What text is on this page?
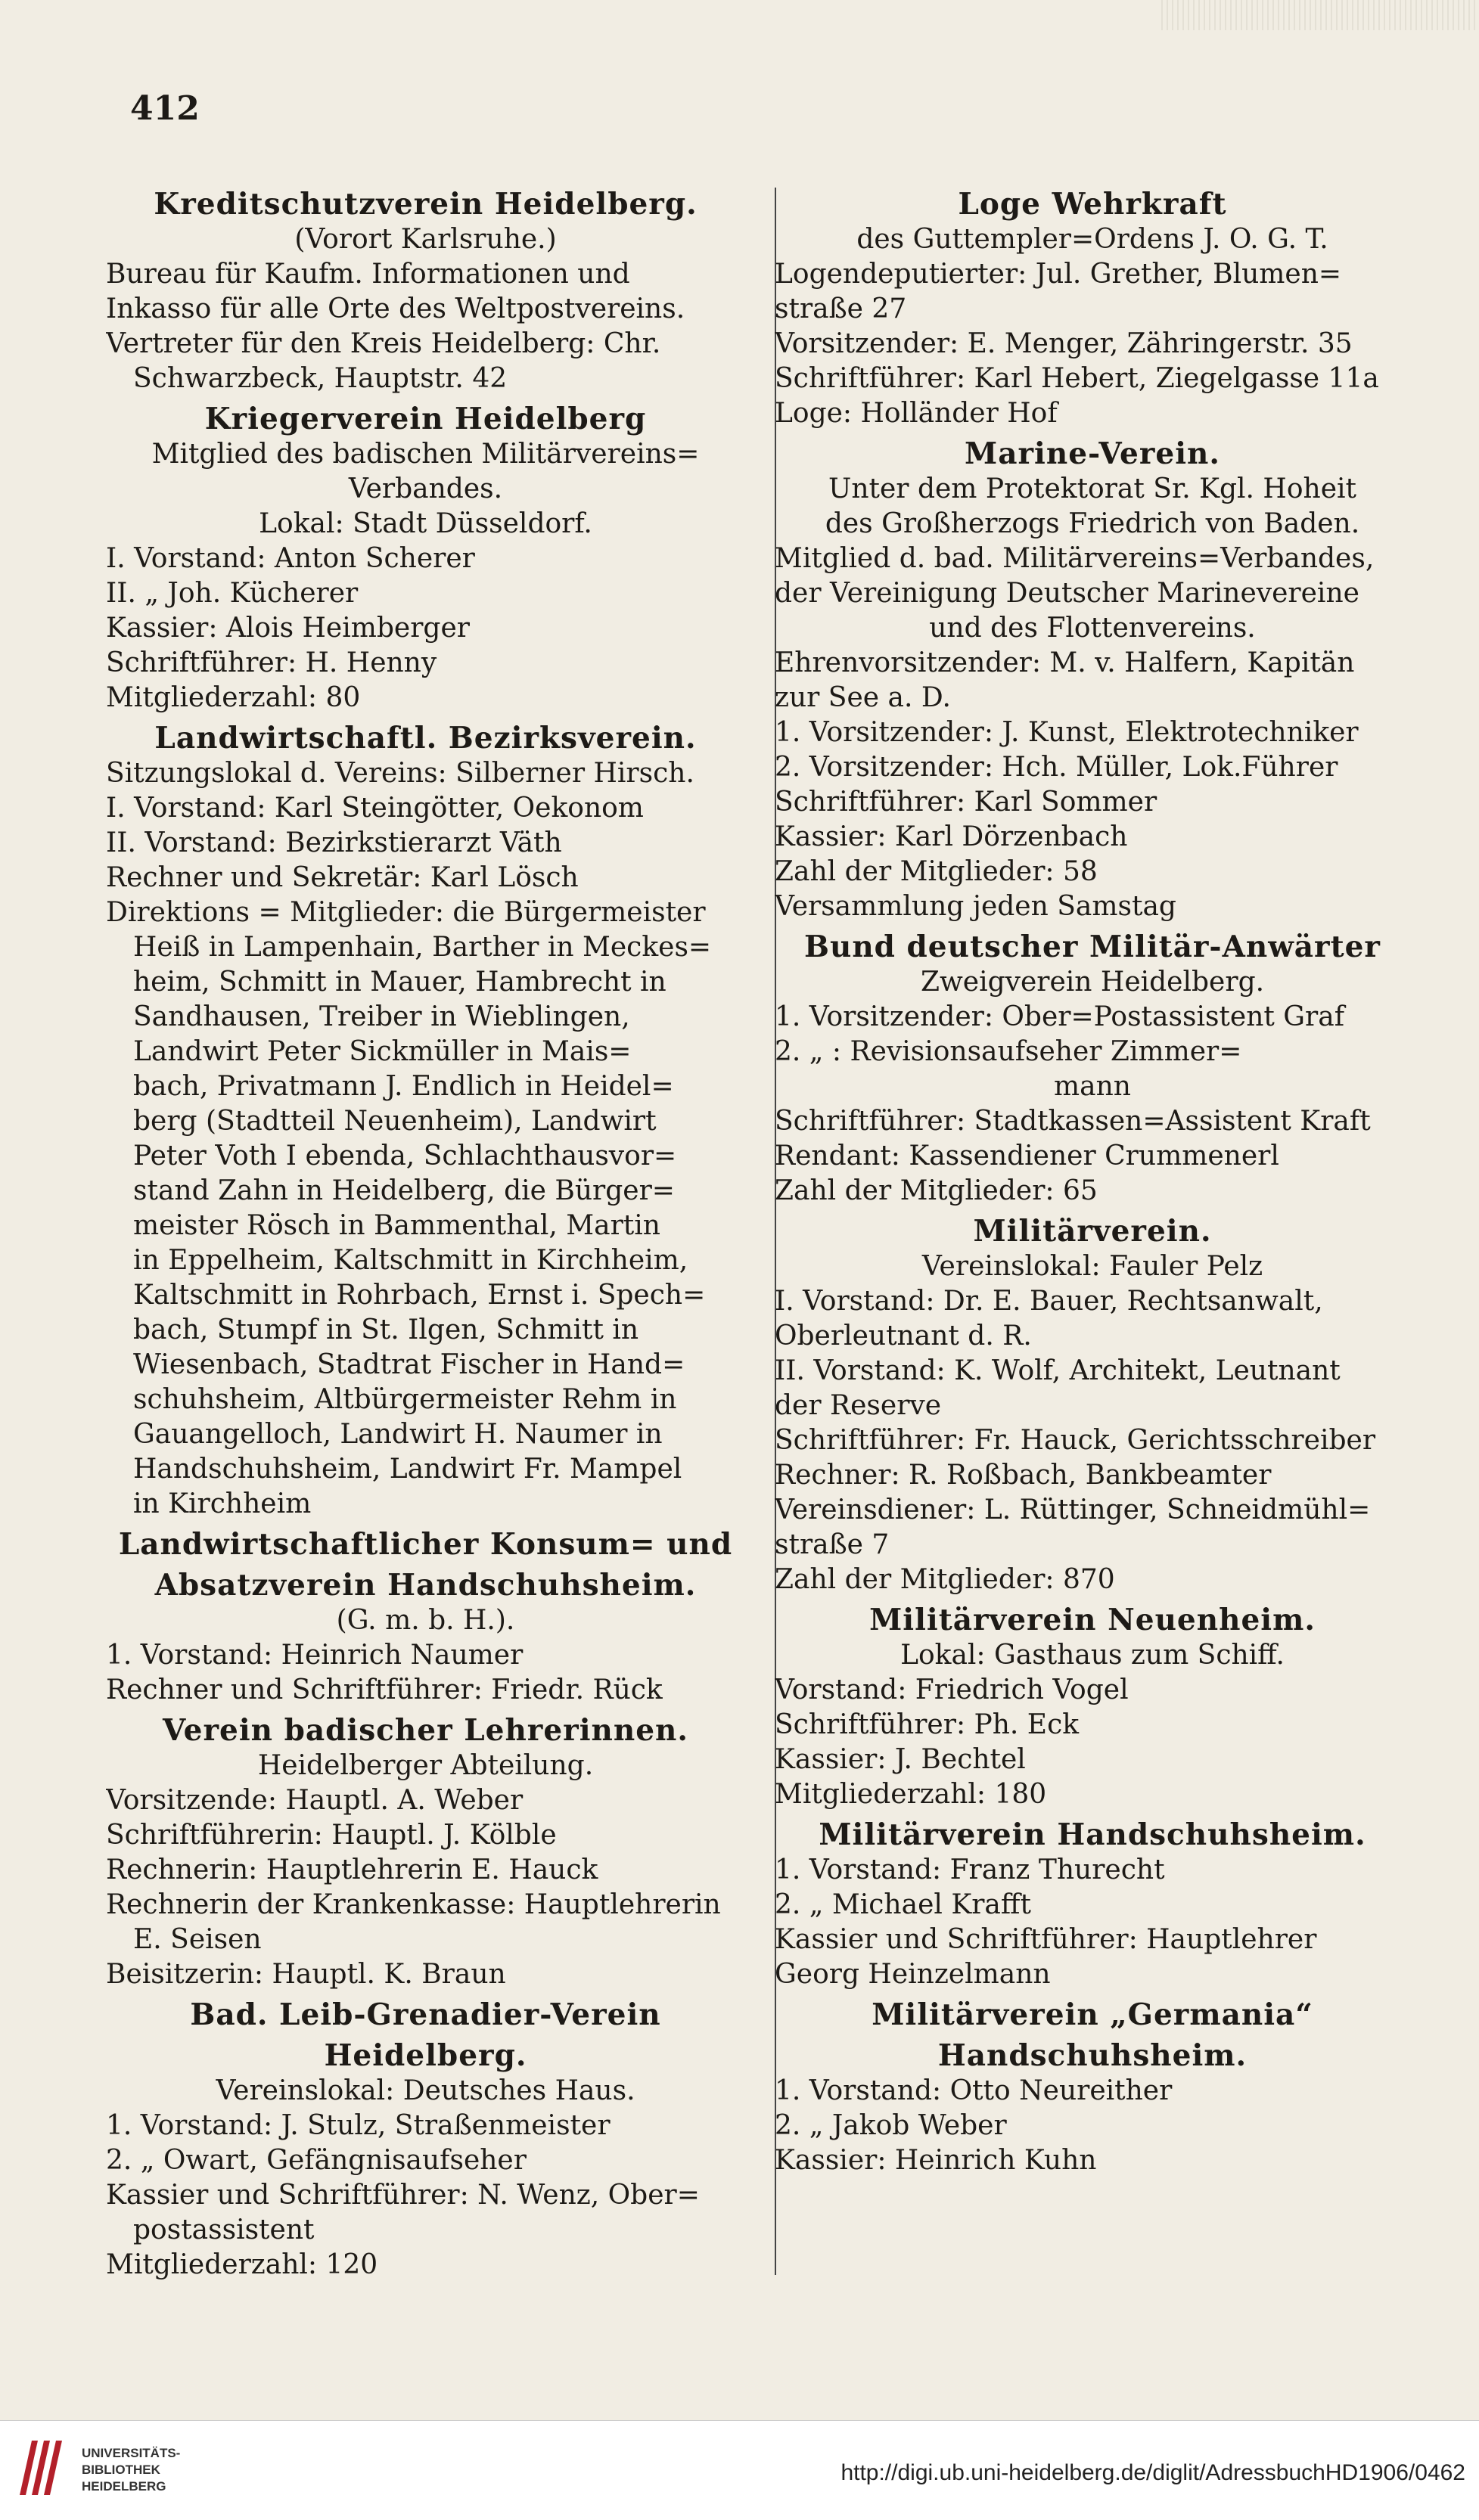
412
Kreditschutzverein Heidelberg.
(Vorort Karlsruhe.)
Bureau für Kaufm. Informationen und
Inkasso für alle Orte des Weltpostvereins.
Vertreter für den Kreis Heidelberg: Chr.
Schwarzbeck, Hauptstr. 42
Kriegerverein Heidelberg
Mitglied des badischen Militärvereins=
Verbandes.
Lokal: Stadt Düsseldorf.
I. Vorstand: Anton Scherer
II. „ Joh. Kücherer
Kassier: Alois Heimberger
Schriftführer: H. Henny
Mitgliederzahl: 80
Landwirtschaftl. Bezirksverein.
Sitzungslokal d. Vereins: Silberner Hirsch.
I. Vorstand: Karl Steingötter, Oekonom
II. Vorstand: Bezirkstierarzt Väth
Rechner und Sekretär: Karl Lösch
Direktions = Mitglieder: die Bürgermeister
Heiß in Lampenhain, Barther in Meckes=
heim, Schmitt in Mauer, Hambrecht in
Sandhausen, Treiber in Wieblingen,
Landwirt Peter Sickmüller in Mais=
bach, Privatmann J. Endlich in Heidel=
berg (Stadtteil Neuenheim), Landwirt
Peter Voth I ebenda, Schlachthausvor=
stand Zahn in Heidelberg, die Bürger=
meister Rösch in Bammenthal, Martin
in Eppelheim, Kaltschmitt in Kirchheim,
Kaltschmitt in Rohrbach, Ernst i. Spech=
bach, Stumpf in St. Ilgen, Schmitt in
Wiesenbach, Stadtrat Fischer in Hand=
schuhsheim, Altbürgermeister Rehm in
Gauangelloch, Landwirt H. Naumer in
Handschuhsheim, Landwirt Fr. Mampel
in Kirchheim
Landwirtschaftlicher Konsum= und
Absatzverein Handschuhsheim.
(G. m. b. H.).
1. Vorstand: Heinrich Naumer
Rechner und Schriftführer: Friedr. Rück
Verein badischer Lehrerinnen.
Heidelberger Abteilung.
Vorsitzende: Hauptl. A. Weber
Schriftführerin: Hauptl. J. Kölble
Rechnerin: Hauptlehrerin E. Hauck
Rechnerin der Krankenkasse: Hauptlehrerin
E. Seisen
Beisitzerin: Hauptl. K. Braun
Bad. Leib-Grenadier-Verein
Heidelberg.
Vereinslokal: Deutsches Haus.
1. Vorstand: J. Stulz, Straßenmeister
2. „ Owart, Gefängnisaufseher
Kassier und Schriftführer: N. Wenz, Ober=
postassistent
Mitgliederzahl: 120
Loge Wehrkraft
des Guttempler=Ordens J. O. G. T.
Logendeputierter: Jul. Grether, Blumen=
straße 27
Vorsitzender: E. Menger, Zähringerstr. 35
Schriftführer: Karl Hebert, Ziegelgasse 11a
Loge: Holländer Hof
Marine-Verein.
Unter dem Protektorat Sr. Kgl. Hoheit
des Großherzogs Friedrich von Baden.
Mitglied d. bad. Militärvereins=Verbandes,
der Vereinigung Deutscher Marinevereine
und des Flottenvereins.
Ehrenvorsitzender: M. v. Halfern, Kapitän
zur See a. D.
1. Vorsitzender: J. Kunst, Elektrotechniker
2. Vorsitzender: Hch. Müller, Lok.Führer
Schriftführer: Karl Sommer
Kassier: Karl Dörzenbach
Zahl der Mitglieder: 58
Versammlung jeden Samstag
Bund deutscher Militär-Anwärter
Zweigverein Heidelberg.
1. Vorsitzender: Ober=Postassistent Graf
2. „ : Revisionsaufseher Zimmer=
mann
Schriftführer: Stadtkassen=Assistent Kraft
Rendant: Kassendiener Crummenerl
Zahl der Mitglieder: 65
Militärverein.
Vereinslokal: Fauler Pelz
I. Vorstand: Dr. E. Bauer, Rechtsanwalt,
Oberleutnant d. R.
II. Vorstand: K. Wolf, Architekt, Leutnant
der Reserve
Schriftführer: Fr. Hauck, Gerichtsschreiber
Rechner: R. Roßbach, Bankbeamter
Vereinsdiener: L. Rüttinger, Schneidmühl=
straße 7
Zahl der Mitglieder: 870
Militärverein Neuenheim.
Lokal: Gasthaus zum Schiff.
Vorstand: Friedrich Vogel
Schriftführer: Ph. Eck
Kassier: J. Bechtel
Mitgliederzahl: 180
Militärverein Handschuhsheim.
1. Vorstand: Franz Thurecht
2. „ Michael Krafft
Kassier und Schriftführer: Hauptlehrer
Georg Heinzelmann
Militärverein „Germania“
Handschuhsheim.
1. Vorstand: Otto Neureither
2. „ Jakob Weber
Kassier: Heinrich Kuhn
UNIVERSITÄTS-
BIBLIOTHEK
HEIDELBERG
http://digi.ub.uni-heidelberg.de/diglit/AdressbuchHD1906/0462
